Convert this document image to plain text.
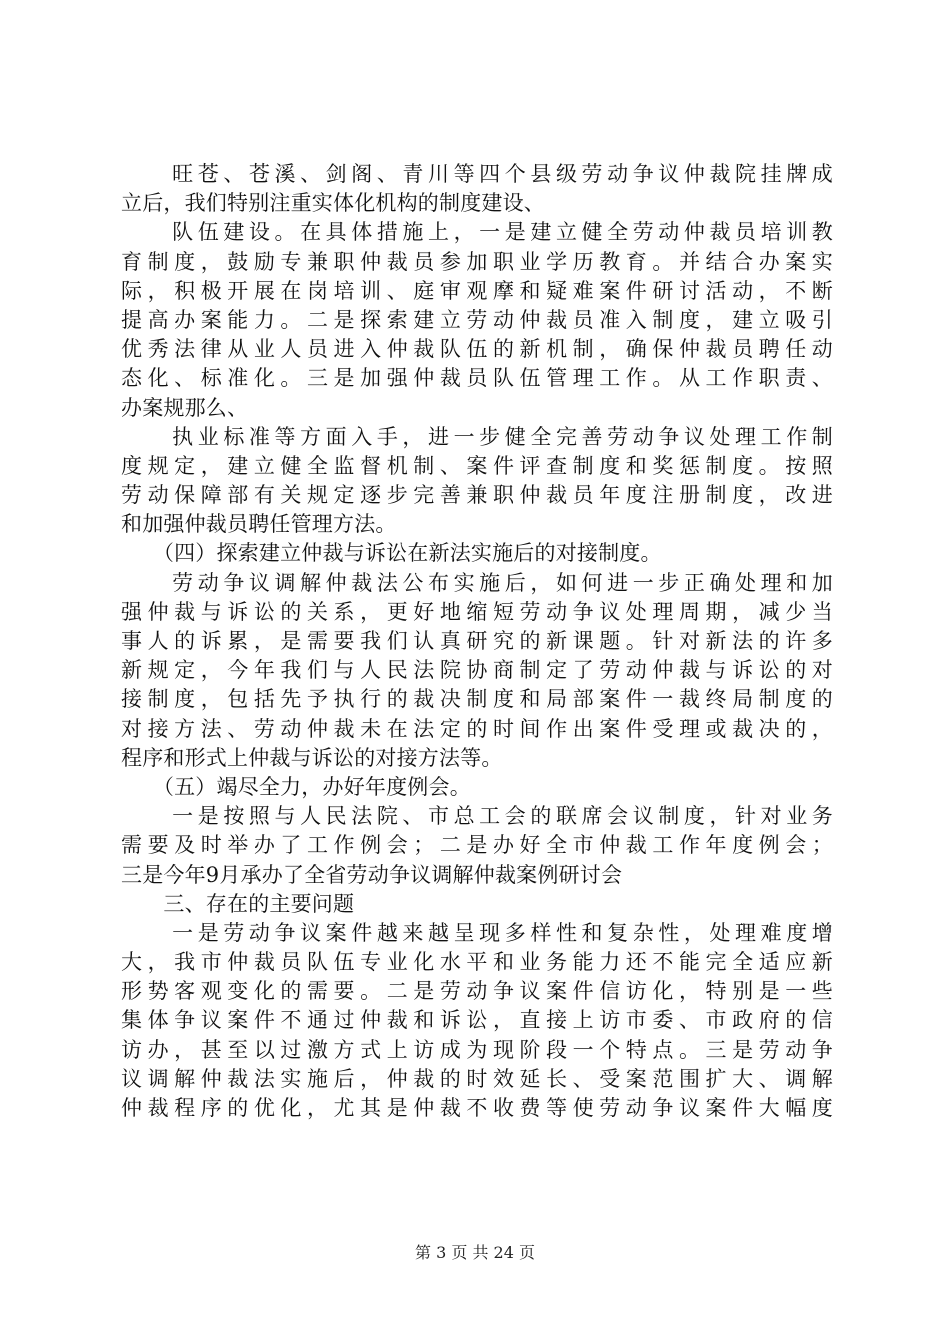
　　旺苍、苍溪、剑阁、青川等四个县级劳动争议仲裁院挂牌成
立后，我们特别注重实体化机构的制度建设、
　　队伍建设。在具体措施上，一是建立健全劳动仲裁员培训教
育制度，鼓励专兼职仲裁员参加职业学历教育。并结合办案实
际，积极开展在岗培训、庭审观摩和疑难案件研讨活动，不断
提高办案能力。二是探索建立劳动仲裁员准入制度，建立吸引
优秀法律从业人员进入仲裁队伍的新机制，确保仲裁员聘任动
态化、标准化。三是加强仲裁员队伍管理工作。从工作职责、
办案规那么、
　　执业标准等方面入手，进一步健全完善劳动争议处理工作制
度规定，建立健全监督机制、案件评查制度和奖惩制度。按照
劳动保障部有关规定逐步完善兼职仲裁员年度注册制度，改进
和加强仲裁员聘任管理方法。
　　（四）探索建立仲裁与诉讼在新法实施后的对接制度。
　　劳动争议调解仲裁法公布实施后，如何进一步正确处理和加
强仲裁与诉讼的关系，更好地缩短劳动争议处理周期，减少当
事人的诉累，是需要我们认真研究的新课题。针对新法的许多
新规定，今年我们与人民法院协商制定了劳动仲裁与诉讼的对
接制度，包括先予执行的裁决制度和局部案件一裁终局制度的
对接方法、劳动仲裁未在法定的时间作出案件受理或裁决的，
程序和形式上仲裁与诉讼的对接方法等。
　　（五）竭尽全力，办好年度例会。
　　一是按照与人民法院、市总工会的联席会议制度，针对业务
需要及时举办了工作例会；二是办好全市仲裁工作年度例会；
三是今年9月承办了全省劳动争议调解仲裁案例研讨会
　　三、存在的主要问题
　　一是劳动争议案件越来越呈现多样性和复杂性，处理难度增
大，我市仲裁员队伍专业化水平和业务能力还不能完全适应新
形势客观变化的需要。二是劳动争议案件信访化，特别是一些
集体争议案件不通过仲裁和诉讼，直接上访市委、市政府的信
访办，甚至以过激方式上访成为现阶段一个特点。三是劳动争
议调解仲裁法实施后，仲裁的时效延长、受案范围扩大、调解
仲裁程序的优化，尤其是仲裁不收费等使劳动争议案件大幅度
第 3 页 共 24 页
